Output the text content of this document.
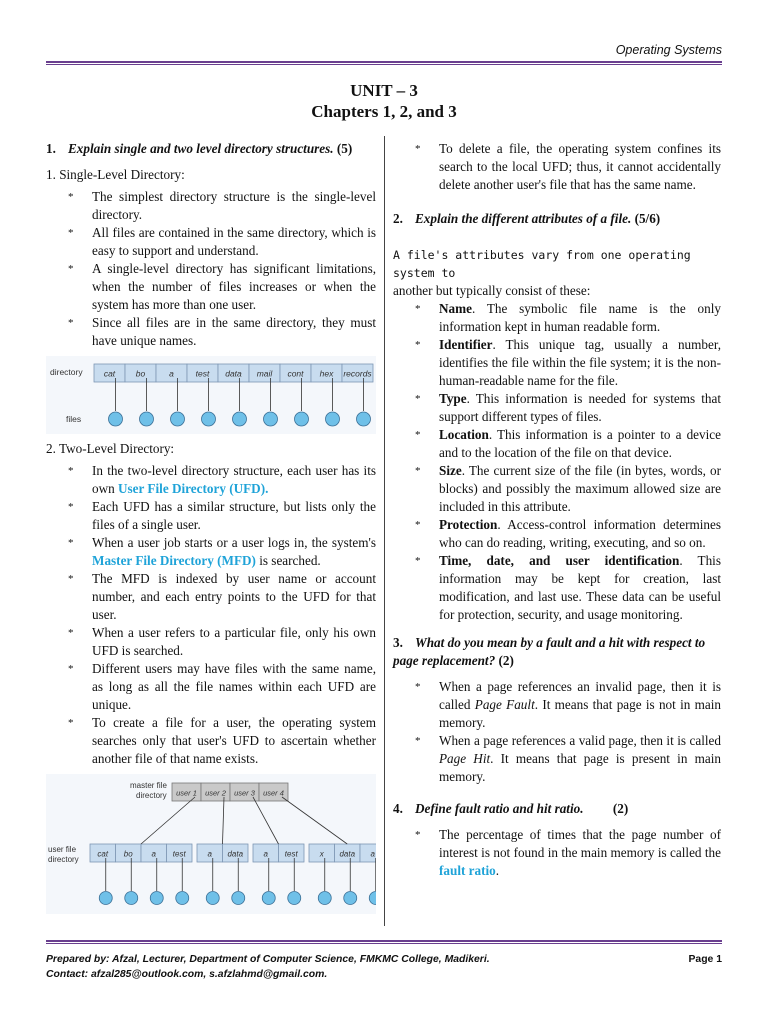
Operating Systems
UNIT – 3
Chapters 1, 2, and 3
1. Explain single and two level directory structures. (5)
1. Single-Level Directory:
* The simplest directory structure is the single-level directory.
* All files are contained in the same directory, which is easy to support and understand.
* A single-level directory has significant limitations, when the number of files increases or when the system has more than one user.
* Since all files are in the same directory, they must have unique names.
directory
files
cat bo	a	test data mail cont hex records
2. Two-Level Directory:
* In the two-level directory structure, each user has its own User File Directory (UFD).
* Each UFD has a similar structure, but lists only the files of a single user.
* When a user job starts or a user logs in, the system's Master File Directory (MFD) is searched.
* The MFD is indexed by user name or account number, and each entry points to the UFD for that user.
* When a user refers to a particular file, only his own UFD is searched.
* Different users may have files with the same name, as long as all the file names within each UFD are unique.
* To create a file for a user, the operating system searches only that user's UFD to ascertain whether another file of that name exists.
master file
directory user 1 user 2 user 3 user 4
user file
directory
cat bo a test	a data	a test	x data a
* To delete a file, the operating system confines its search to the local UFD; thus, it cannot accidentally delete another user's file that has the same name.
2. Explain the different attributes of a file. (5/6)
A file's attributes vary from one operating system to
another but typically consist of these:
* Name. The symbolic file name is the only information kept in human readable form.
* Identifier. This unique tag, usually a number, identifies the file within the file system; it is the non-human-readable name for the file.
* Type. This information is needed for systems that support different types of files.
* Location. This information is a pointer to a device and to the location of the file on that device.
* Size. The current size of the file (in bytes, words, or blocks) and possibly the maximum allowed size are included in this attribute.
* Protection. Access-control information determines who can do reading, writing, executing, and so on.
* Time, date, and user identification. This information may be kept for creation, last modification, and last use. These data can be useful for protection, security, and usage monitoring.
3. What do you mean by a fault and a hit with respect to page replacement? (2)
* When a page references an invalid page, then it is called Page Fault. It means that page is not in main memory.
* When a page references a valid page, then it is called Page Hit. It means that page is present in main memory.
4. Define fault ratio and hit ratio. (2)
* The percentage of times that the page number of interest is not found in the main memory is called the fault ratio.
Prepared by: Afzal, Lecturer, Department of Computer Science, FMKMC College, Madikeri.
Contact: afzal285@outlook.com, s.afzlahmd@gmail.com.
Page 1
